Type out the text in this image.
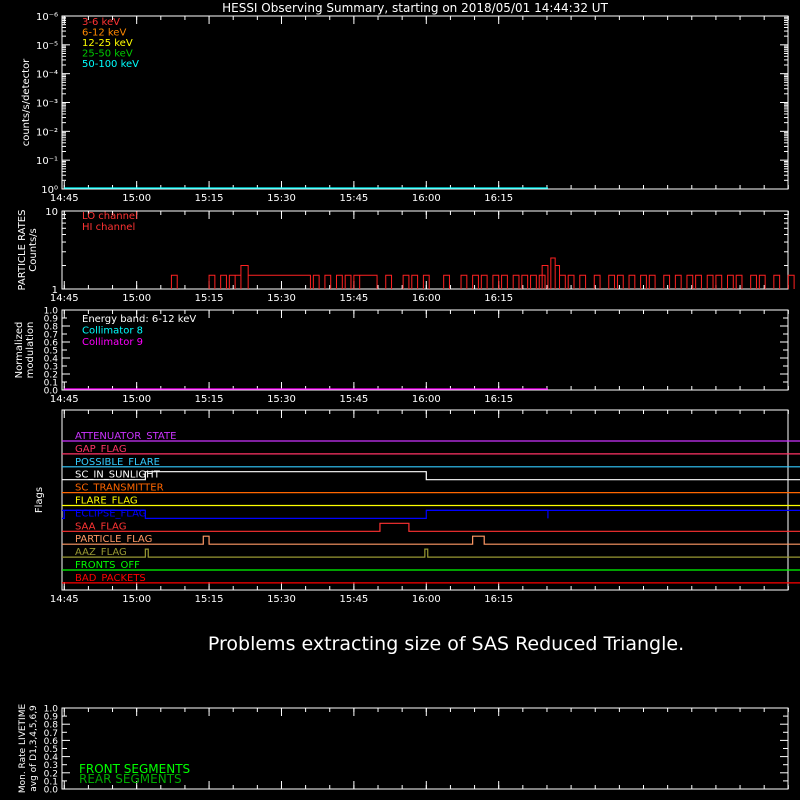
HESSI Observing Summary, starting on 2018/05/01 14:44:32 UT
Problems extracting size of SAS Reduced Triangle.
14:45	15:00	15:15	15:30	15:45	16:00	16:15
10⁰
10⁻¹
10⁻²
10⁻³
10⁻⁴
10⁻⁵
10⁻⁶
counts/s/detector
3-6 keV
6-12 keV
12-25 keV
25-50 keV
50-100 keV
14:45	15:00	15:15	15:30	15:45	16:00	16:15
1
10
PARTICLE RATES Counts/s
LO channel
HI channel
14:45	15:00	15:15	15:30	15:45	16:00	16:15
0.0
0.1
0.2
0.3
0.4
0.5
0.6
0.7
0.8
0.9
1.0
Normalized modulation
Energy band: 6-12 keV
Collimator 8
Collimator 9
14:45	15:00	15:15	15:30	15:45	16:00	16:15
Flags
ATTENUATOR_STATE
GAP_FLAG
POSSIBLE_FLARE
SC_IN_SUNLIGHT
SC_TRANSMITTER
FLARE_FLAG
ECLIPSE_FLAG
SAA_FLAG
PARTICLE_FLAG
AAZ_FLAG
FRONTS_OFF
BAD_PACKETS
0.0
0.1
0.2
0.3
0.4
0.5
0.6
0.7
0.8
0.9
1.0
Mon. Rate LIVETIME avg of D1,3,4,5,6,9	FRONT SEGMENTS
REAR SEGMENTS
